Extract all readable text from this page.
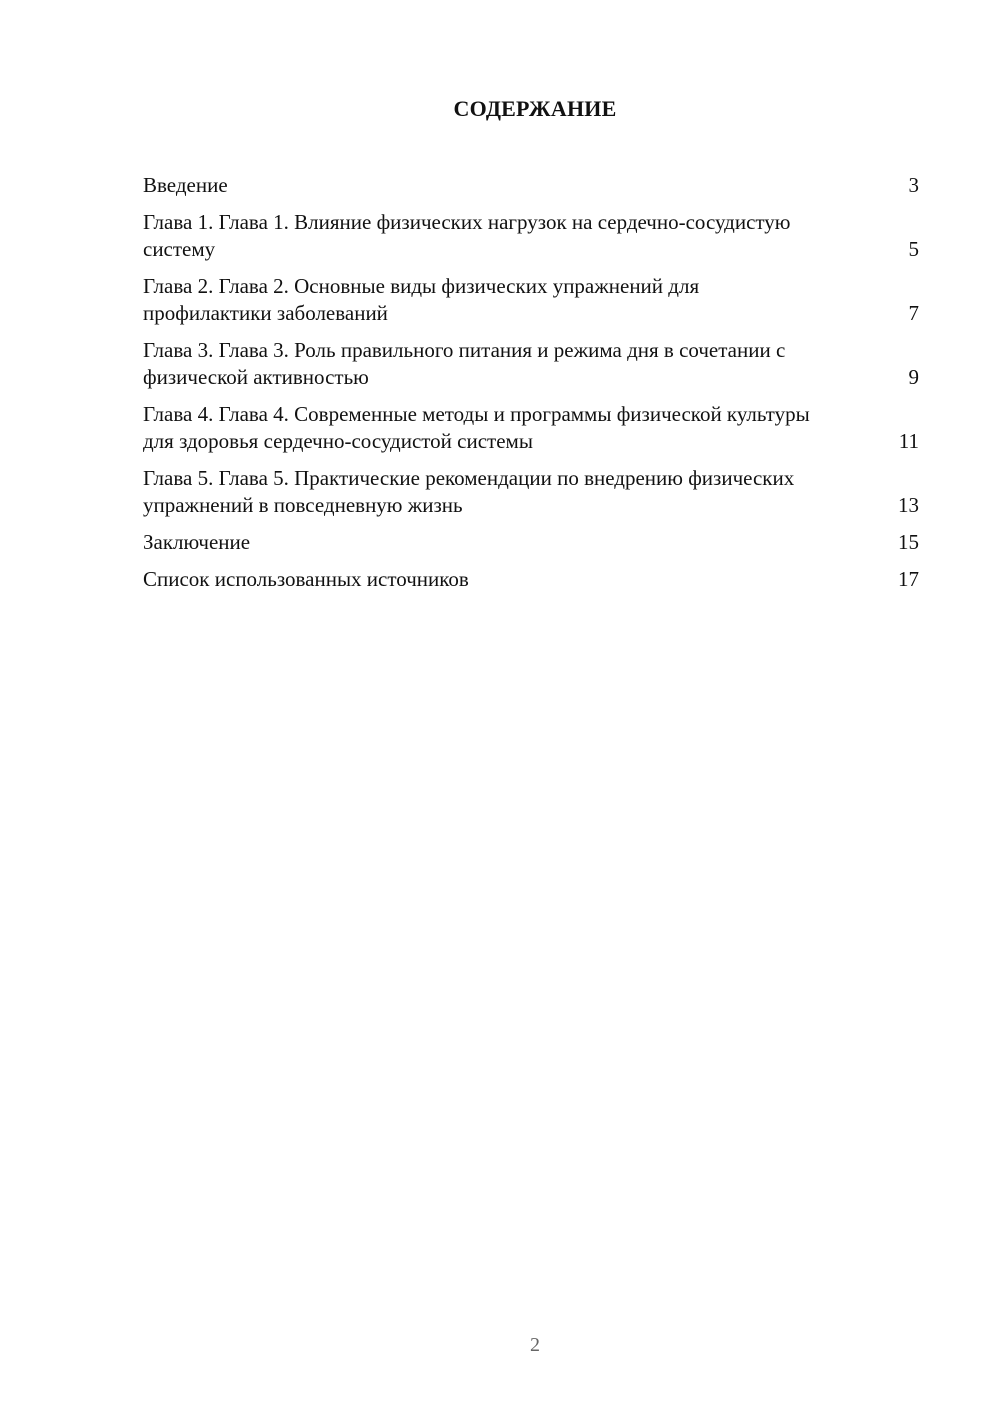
СОДЕРЖАНИЕ
Введение	3
Глава 1. Глава 1. Влияние физических нагрузок на сердечно-сосудистую систему	5
Глава 2. Глава 2. Основные виды физических упражнений для профилактики заболеваний	7
Глава 3. Глава 3. Роль правильного питания и режима дня в сочетании с физической активностью	9
Глава 4. Глава 4. Современные методы и программы физической культуры для здоровья сердечно-сосудистой системы	11
Глава 5. Глава 5. Практические рекомендации по внедрению физических упражнений в повседневную жизнь	13
Заключение	15
Список использованных источников	17
2
